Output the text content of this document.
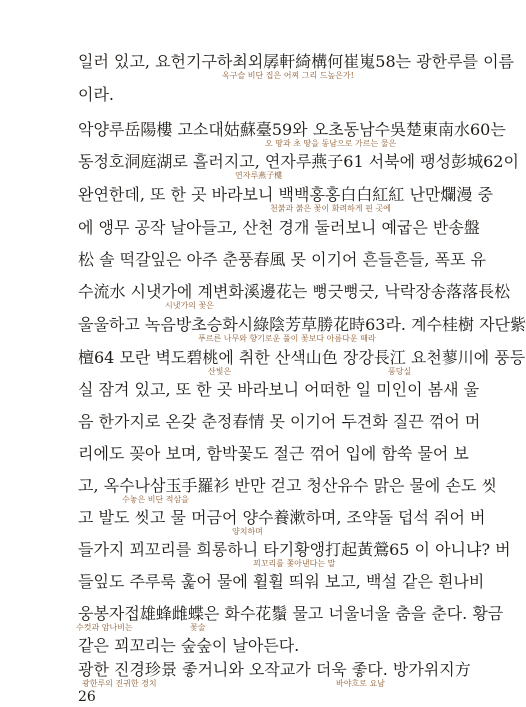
일러 있고, 요헌기구하최외孱軒綺構何崔嵬58는 광한루를 이름
옥구슬 비단 집은 어찌 그리 드높은가!
이라.
악양루岳陽樓 고소대姑蘇臺59와 오초동남수吳楚東南水60는
오 땅과 초 땅을 동남으로 가르는 물은
동정호洞庭湖로 흘러지고, 연자루燕子61 서북에 팽성彭城62이
연자루燕子樓
완연한데, 또 한 곳 바라보니 백백홍홍白白紅紅 난만爛漫 중
천붉과 붉은 꽃이 화려하게 핀 곳에
에 앵무 공작 날아들고, 산천 경개 둘러보니 예굽은 반송盤
松 솔 떡갈잎은 아주 춘풍春風 못 이기어 흔들흔들, 폭포 유
수流水 시냇가에 계변화溪邊花는 뻥긋뻥긋, 낙락장송落落長松
시냇가의 꽃은
울울하고 녹음방초승화시綠陰芳草勝花時63라. 계수桂樹 자단紫
푸르른 나무와 향기로운 풀이 꽃보다 아름다운 때라
檀64 모란 벽도碧桃에 취한 산색山色 장강長江 요천蓼川에 풍등
산빛은	풍당실
실 잠겨 있고, 또 한 곳 바라보니 어떠한 일 미인이 봄새 울
음 한가지로 온갖 춘정春情 못 이기어 두견화 질끈 꺾어 머
리에도 꽂아 보며, 함박꽃도 절근 꺾어 입에 함쑥 물어 보
고, 옥수나삼玉手羅衫 반만 걷고 청산유수 맑은 물에 손도 씻
수놓은 비단 적삼을
고 발도 씻고 물 머금어 양수養漱하며, 조약돌 덥석 쥐어 버
양치하며
들가지 꾀꼬리를 희롱하니 타기황앵打起黃鶯65 이 아니냐? 버
꾀꼬리를 쫓아낸다는 말
들잎도 주루룩 훑어 물에 휠휠 띄워 보고, 백설 같은 흰나비
웅봉자접雄蜂雌蝶은 화수花鬚 물고 너울너울 춤을 춘다. 황금
수컷과 암나비는	꽃술
같은 꾀꼬리는 숲숲이 날아든다.
광한 진경珍景 좋거니와 오작교가 더욱 좋다. 방가위지方
광한루의 진귀한 경치	바야흐로 요남
26
